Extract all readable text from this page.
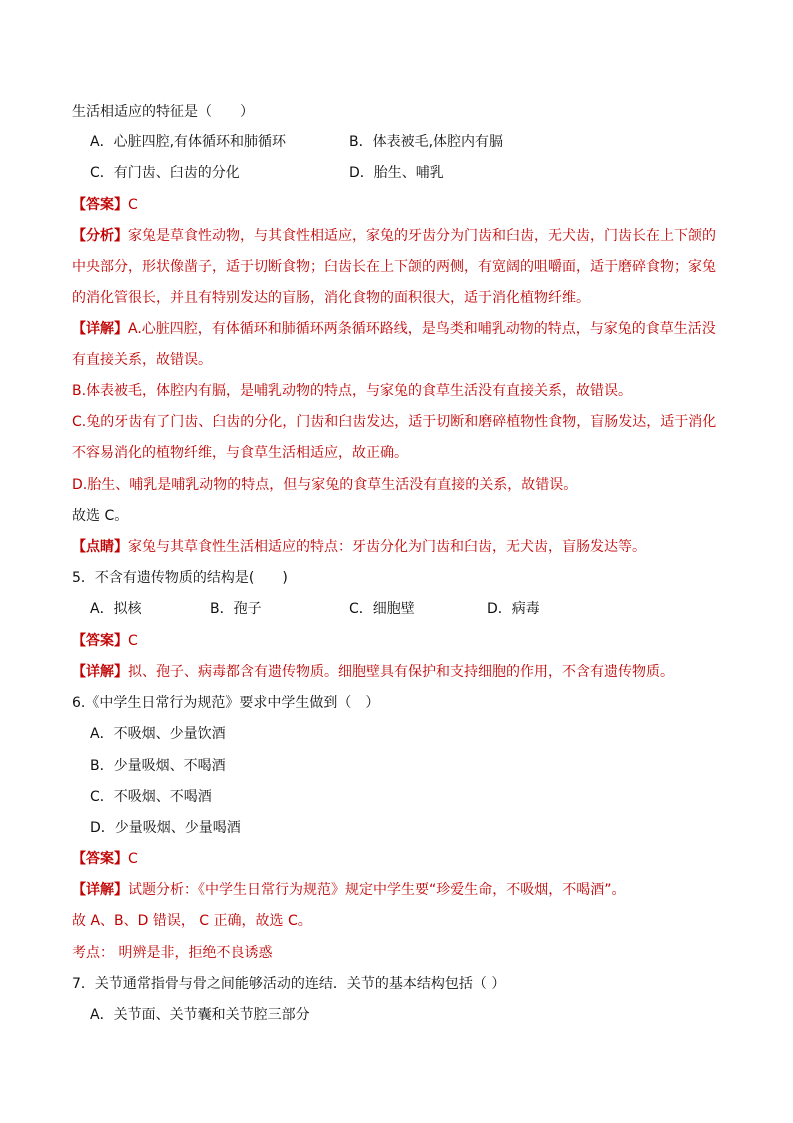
生活相适应的特征是（　　）
A．心脏四腔,有体循环和肺循环	B．体表被毛,体腔内有膈
C．有门齿、臼齿的分化	D．胎生、哺乳
【答案】C
【分析】家兔是草食性动物，与其食性相适应，家兔的牙齿分为门齿和臼齿，无犬齿，门齿长在上下颌的
中央部分，形状像凿子，适于切断食物；臼齿长在上下颌的两侧，有宽阔的咀嚼面，适于磨碎食物；家兔
的消化管很长，并且有特别发达的盲肠，消化食物的面积很大，适于消化植物纤维。
【详解】A.心脏四腔，有体循环和肺循环两条循环路线，是鸟类和哺乳动物的特点，与家兔的食草生活没
有直接关系，故错误。
B.体表被毛，体腔内有膈，是哺乳动物的特点，与家兔的食草生活没有直接关系，故错误。
C.兔的牙齿有了门齿、臼齿的分化，门齿和臼齿发达，适于切断和磨碎植物性食物，盲肠发达，适于消化
不容易消化的植物纤维，与食草生活相适应，故正确。
D.胎生、哺乳是哺乳动物的特点，但与家兔的食草生活没有直接的关系，故错误。
故选 C。
【点睛】家兔与其草食性生活相适应的特点：牙齿分化为门齿和臼齿，无犬齿，盲肠发达等。
5．不含有遗传物质的结构是(　　)
A．拟核	B．孢子	C．细胞壁	D．病毒
【答案】C
【详解】拟、孢子、病毒都含有遗传物质。细胞壁具有保护和支持细胞的作用，不含有遗传物质。
6.《中学生日常行为规范》要求中学生做到（　）
A．不吸烟、少量饮酒
B．少量吸烟、不喝酒
C．不吸烟、不喝酒
D．少量吸烟、少量喝酒
【答案】C
【详解】试题分析：《中学生日常行为规范》规定中学生要“珍爱生命，不吸烟，不喝酒”。
故 A、B、D 错误， C 正确，故选 C。
考点： 明辨是非，拒绝不良诱惑
7．关节通常指骨与骨之间能够活动的连结．关节的基本结构包括（ ）
A．关节面、关节囊和关节腔三部分
